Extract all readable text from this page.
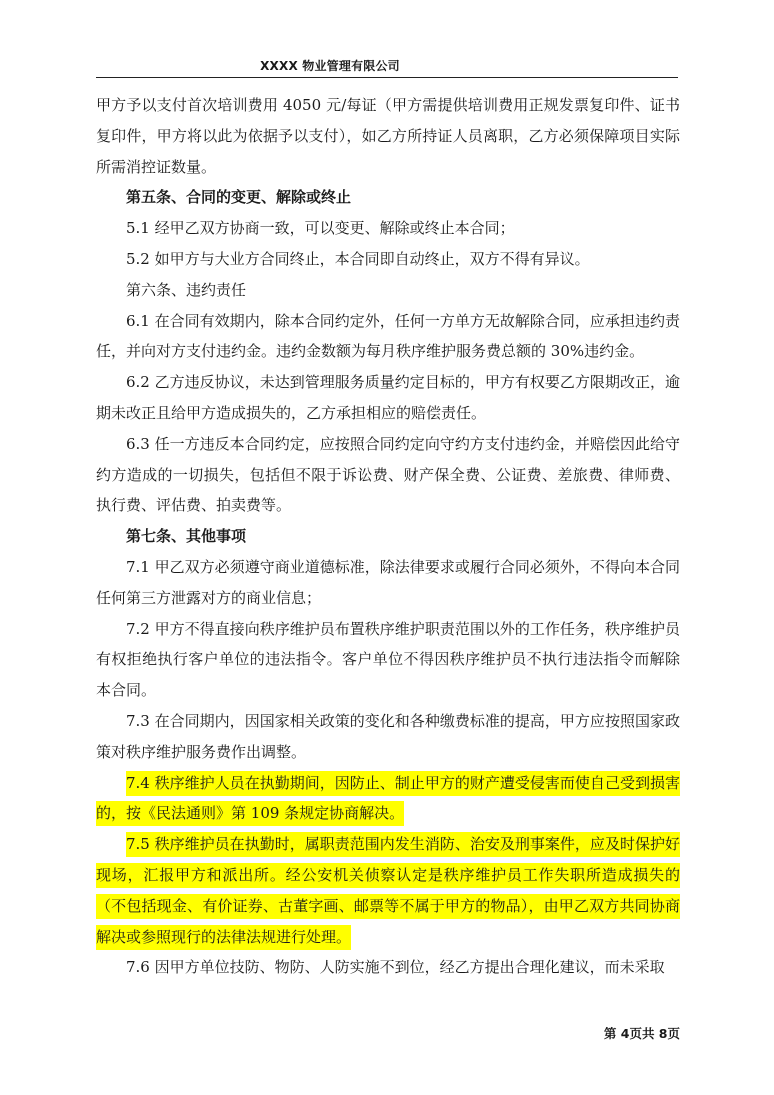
XXXX 物业管理有限公司

甲方予以支付首次培训费用 4050 元/每证（甲方需提供培训费用正规发票复印件、证书复印件，甲方将以此为依据予以支付），如乙方所持证人员离职，乙方必须保障项目实际所需消控证数量。

第五条、合同的变更、解除或终止

5.1 经甲乙双方协商一致，可以变更、解除或终止本合同；

5.2 如甲方与大业方合同终止，本合同即自动终止，双方不得有异议。

第六条、违约责任

6.1 在合同有效期内，除本合同约定外，任何一方单方无故解除合同，应承担违约责任，并向对方支付违约金。违约金数额为每月秩序维护服务费总额的 30%违约金。

6.2 乙方违反协议，未达到管理服务质量约定目标的，甲方有权要乙方限期改正，逾期未改正且给甲方造成损失的，乙方承担相应的赔偿责任。

6.3 任一方违反本合同约定，应按照合同约定向守约方支付违约金，并赔偿因此给守约方造成的一切损失，包括但不限于诉讼费、财产保全费、公证费、差旅费、律师费、执行费、评估费、拍卖费等。

第七条、其他事项

7.1 甲乙双方必须遵守商业道德标准，除法律要求或履行合同必须外，不得向本合同任何第三方泄露对方的商业信息；

7.2 甲方不得直接向秩序维护员布置秩序维护职责范围以外的工作任务，秩序维护员有权拒绝执行客户单位的违法指令。客户单位不得因秩序维护员不执行违法指令而解除本合同。

7.3 在合同期内，因国家相关政策的变化和各种缴费标准的提高，甲方应按照国家政策对秩序维护服务费作出调整。

7.4 秩序维护人员在执勤期间，因防止、制止甲方的财产遭受侵害而使自己受到损害的，按《民法通则》第 109 条规定协商解决。

7.5 秩序维护员在执勤时，属职责范围内发生消防、治安及刑事案件，应及时保护好现场，汇报甲方和派出所。经公安机关侦察认定是秩序维护员工作失职所造成损失的（不包括现金、有价证券、古董字画、邮票等不属于甲方的物品），由甲乙双方共同协商解决或参照现行的法律法规进行处理。

7.6 因甲方单位技防、物防、人防实施不到位，经乙方提出合理化建议，而未采取

第 4页共 8页
